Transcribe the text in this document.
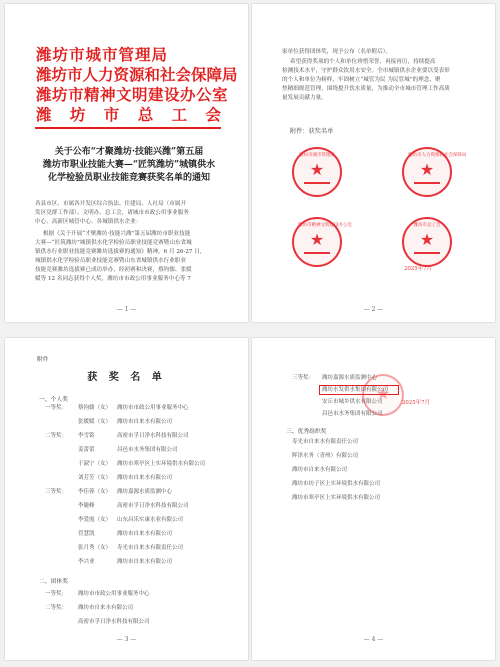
潍坊市城市管理局
潍坊市人力资源和社会保障局
潍坊市精神文明建设办公室
潍 坊 市 总 工 会
关于公布“才聚潍坊·技能兴潍”第五届
潍坊市职业技能大赛—“匠筑潍坊”城镇供水
化学检验员职业技能竞赛获奖名单的通知
各县市区、市属各开发区综合执法、住建局、人社局（市属开
发区党群工作部）、文明办、总工会，诸城市市政公用事业服务
中心、高新区城管中心、各城镇供水企业：
根据《关于开展“才聚潍坊·技能兴潍”第五届潍坊市职业技能
大赛—“匠筑潍坊”城镇供水化学检验员职业技能竞赛暨山东省城
镇供水行业职业技能竞赛潍坊选拔赛的通知》精神，6 月 26-27 日，
城镇供水化学检验员职业技能竞赛暨山东省城镇供水行业职业
技能竞赛潍坊选拔赛已成功举办，经初赛和决赛，蔡钧儒、张媛
媛等 12 名同志获得个人奖，潍坊市市政公用事业服务中心等 7
— 1 —
家单位获得团体奖，现予公布（名单附后）。
希望获得奖项的个人和单位珍惜荣誉，再接再厉，持续提高
检测技术水平，守护群众饮用水安全。全市城镇供水企业要以受表彰
的个人和单位为榜样，牢固树立“城管为民 为民管城”的理念，聚
焦精细规范管理，围绕提升饮水质量，为推动全市城市管理工作高质
量发展贡献力量。
附件：获奖名单
潍坊市城市管理局
★
潍坊市人力资源和社会保障局
★
潍坊市精神文明建设办公室
★
潍坊市总工会
★
2025年7月
— 2 —
附件
获 奖 名 单
一、个人奖
一等奖：	蔡钧儒（女）	潍坊市市政公用事业服务中心
张媛媛（女）	潍坊市自来水有限公司
二等奖：	李雪铭	高密市孚日净水科技有限公司
姜蕾蕾	昌邑市水务集团有限公司
于淑宁（女）	潍坊市寒亭区上实环境供水有限公司
刘芳芳（女）	潍坊市自来水有限公司
三等奖：	李佳蓉（女）	潍坊嘉源水质监测中心
李婕峰	高密市孚日净水科技有限公司
李爱霞（女）	山东昌乐实康水业有限公司
管慧凯	潍坊市自来水有限公司
张月秀（女）	寿光市自来水有限责任公司
李兴业	潍坊市自来水有限公司
二、团体奖
一等奖：	潍坊市市政公用事业服务中心
二等奖：	潍坊市自来水有限公司
高密市孚日净水科技有限公司
— 3 —
三等奖：	潍坊嘉源水质监测中心
潍坊水发供水集团有限公司
安丘市城乡供水有限公司
昌邑市水务集团有限公司
★	2025年7月
三、优秀组织奖
寿光市自来水有限责任公司
晖泽水务（青州）有限公司
潍坊市自来水有限公司
潍坊市坊子区上实环境供水有限公司
潍坊市寒亭区上实环境供水有限公司
— 4 —
